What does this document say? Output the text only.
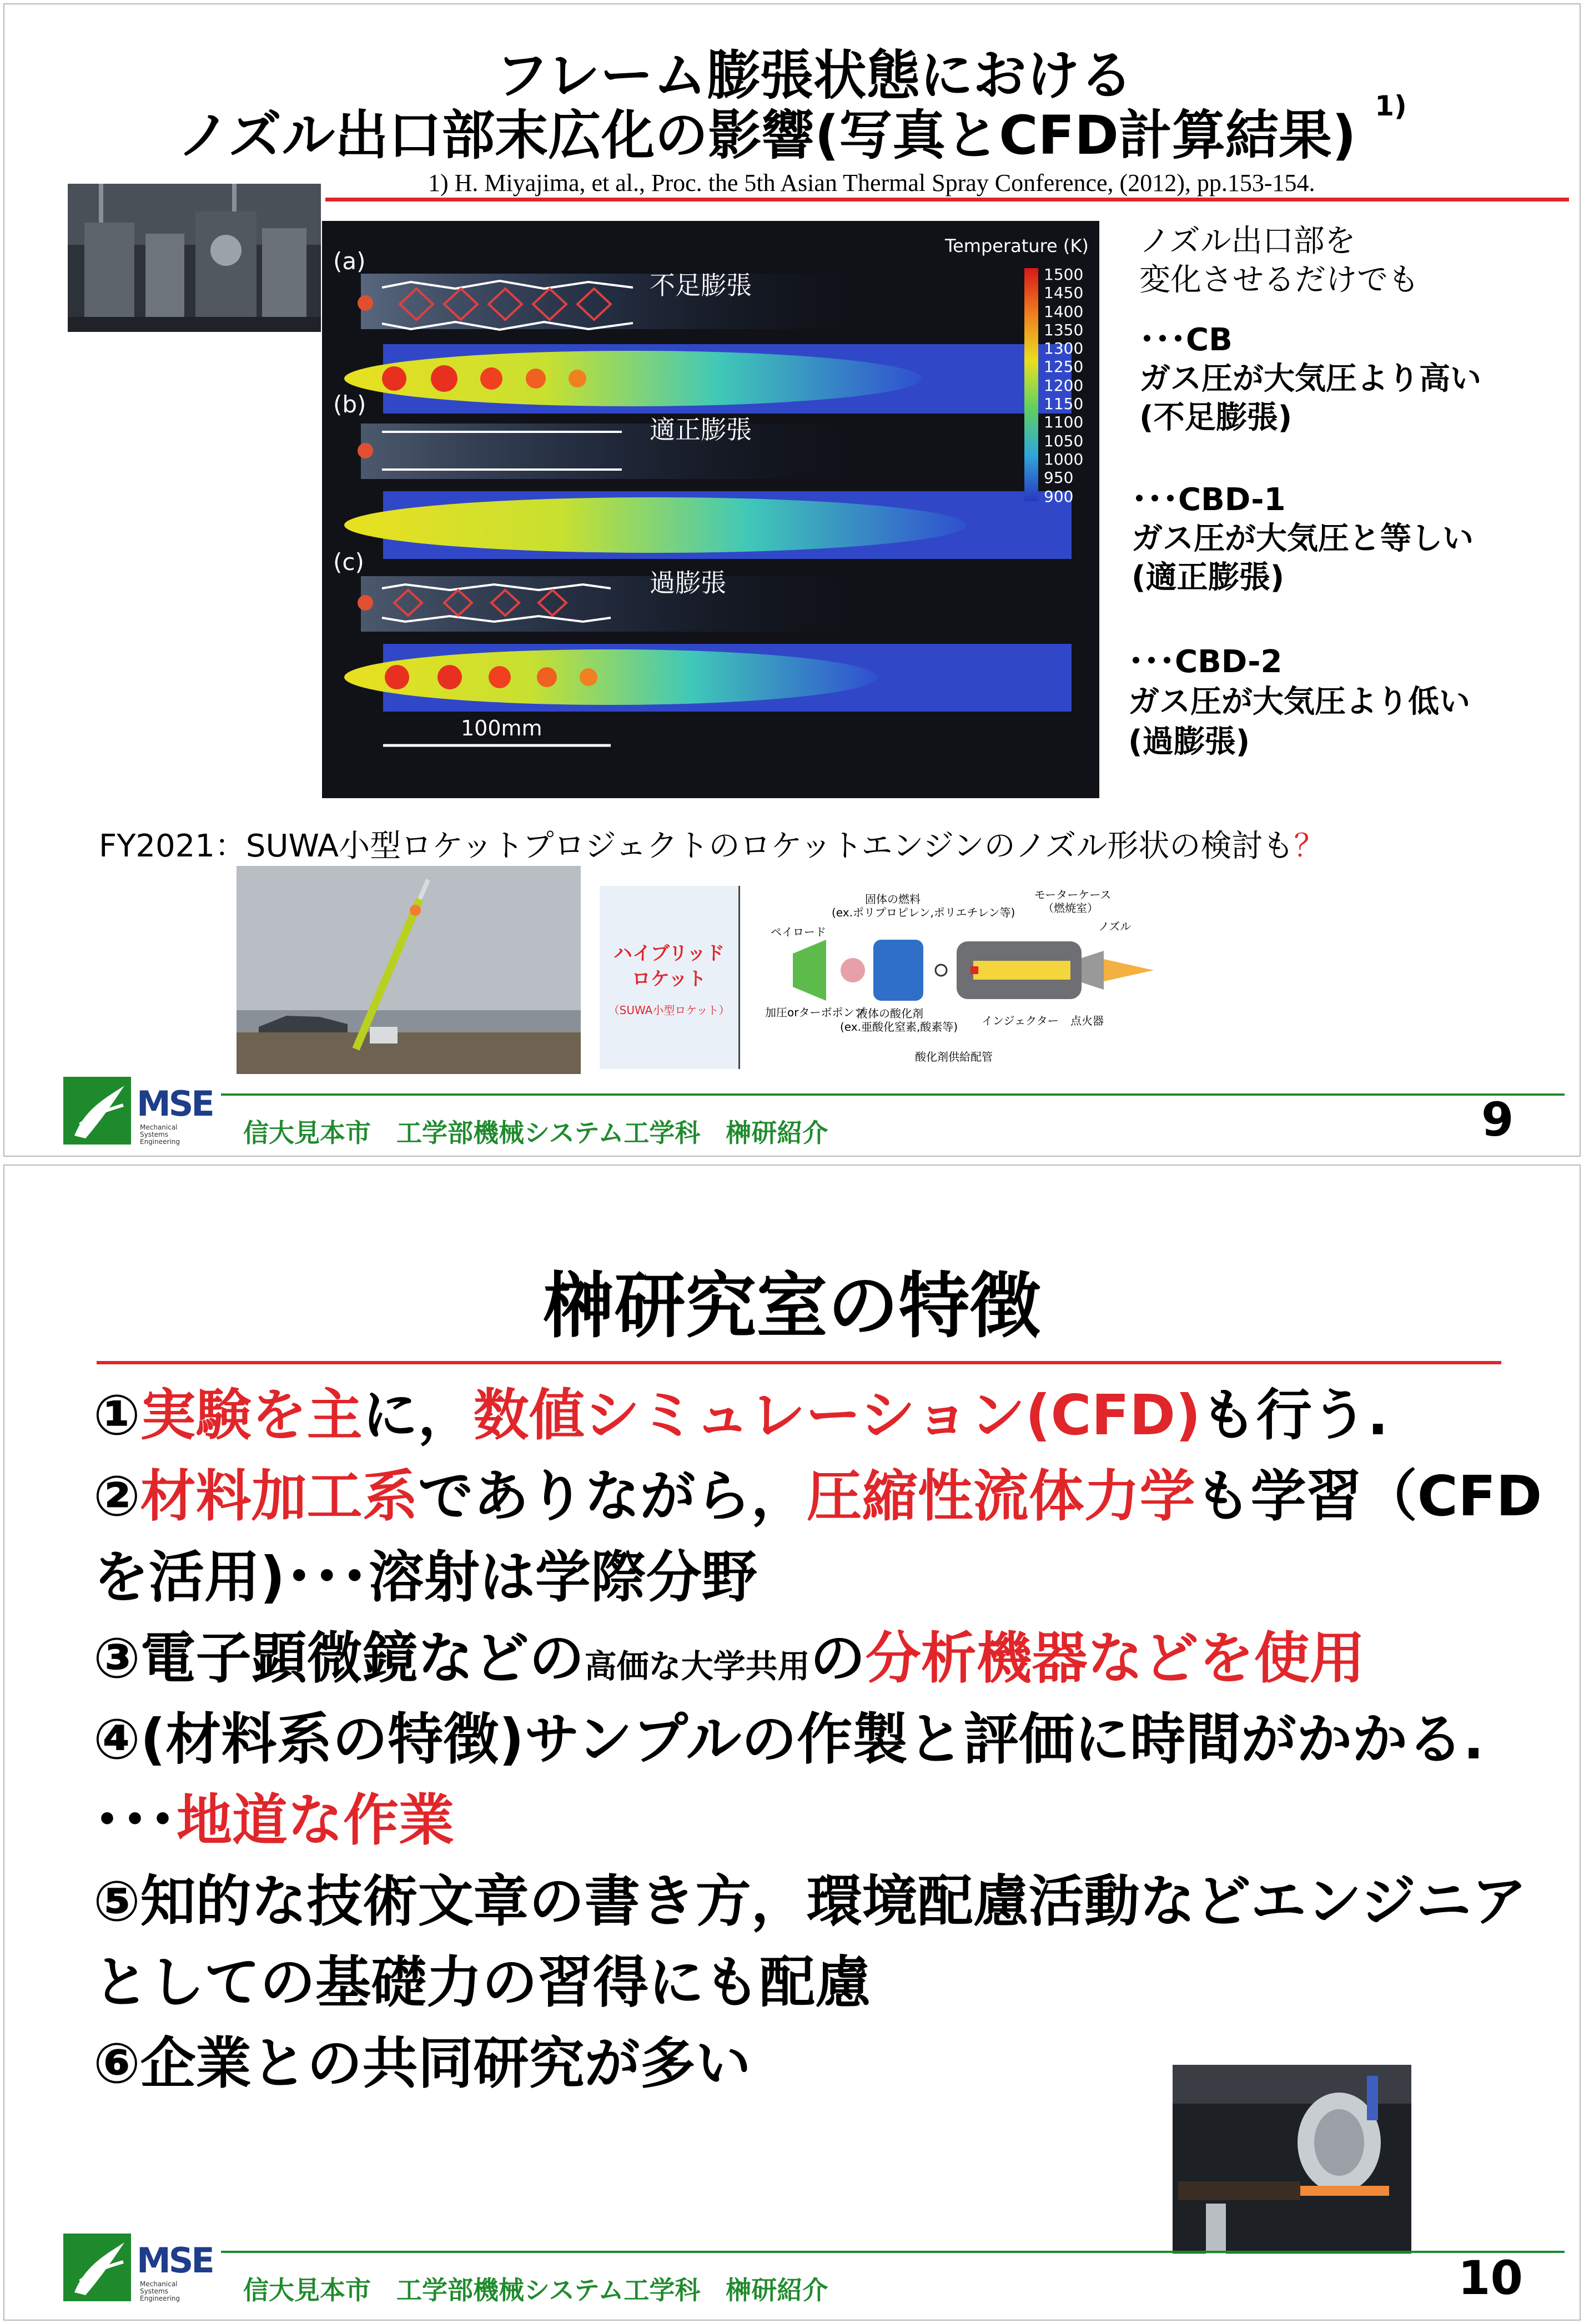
フレーム膨張状態における
ノズル出口部末広化の影響(写真とCFD計算結果) $^{1)}$
1) H. Miyajima, et al., Proc. the 5th Asian Thermal Spray Conference, (2012), pp.153-154.
(a)
(b)
(c)
不足膨張
適正膨張
過膨張
100mm
Temperature (K)
1500
1450
1400
1350
1300
1250
1200
1150
1100
1050
1000
950
900
ノズル出口部を
変化させるだけでも
･･･CB
ガス圧が大気圧より高い
(不足膨張)
･･･CBD-1
ガス圧が大気圧と等しい
(適正膨張)
･･･CBD-2
ガス圧が大気圧より低い
(過膨張)
FY2021：SUWA小型ロケットプロジェクトのロケットエンジンのノズル形状の検討も？
ハイブリッド
ロケット
（SUWA小型ロケット）
固体の燃料
(ex.ポリプロピレン,ポリエチレン等)
モーターケース
（燃焼室）
ペイロード	ノズル
加圧orターボポンプ
液体の酸化剤
(ex.亜酸化窒素,酸素等) インジェクター 点火器
酸化剤供給配管
MSE
Mechanical
Systems
Engineering 信大見本市　工学部機械システム工学科　榊研紹介	9
榊研究室の特徴
①実験を主に，数値シミュレーション(CFD)も行う.
②材料加工系でありながら，圧縮性流体力学も学習（CFD
を活用)･･･溶射は学際分野
③電子顕微鏡などの高価な大学共用の分析機器などを使用
④(材料系の特徴)サンプルの作製と評価に時間がかかる.
･･･地道な作業
⑤知的な技術文章の書き方，環境配慮活動などエンジニア
としての基礎力の習得にも配慮
⑥企業との共同研究が多い
MSE
Mechanical
Systems
Engineering 信大見本市　工学部機械システム工学科　榊研紹介	10
